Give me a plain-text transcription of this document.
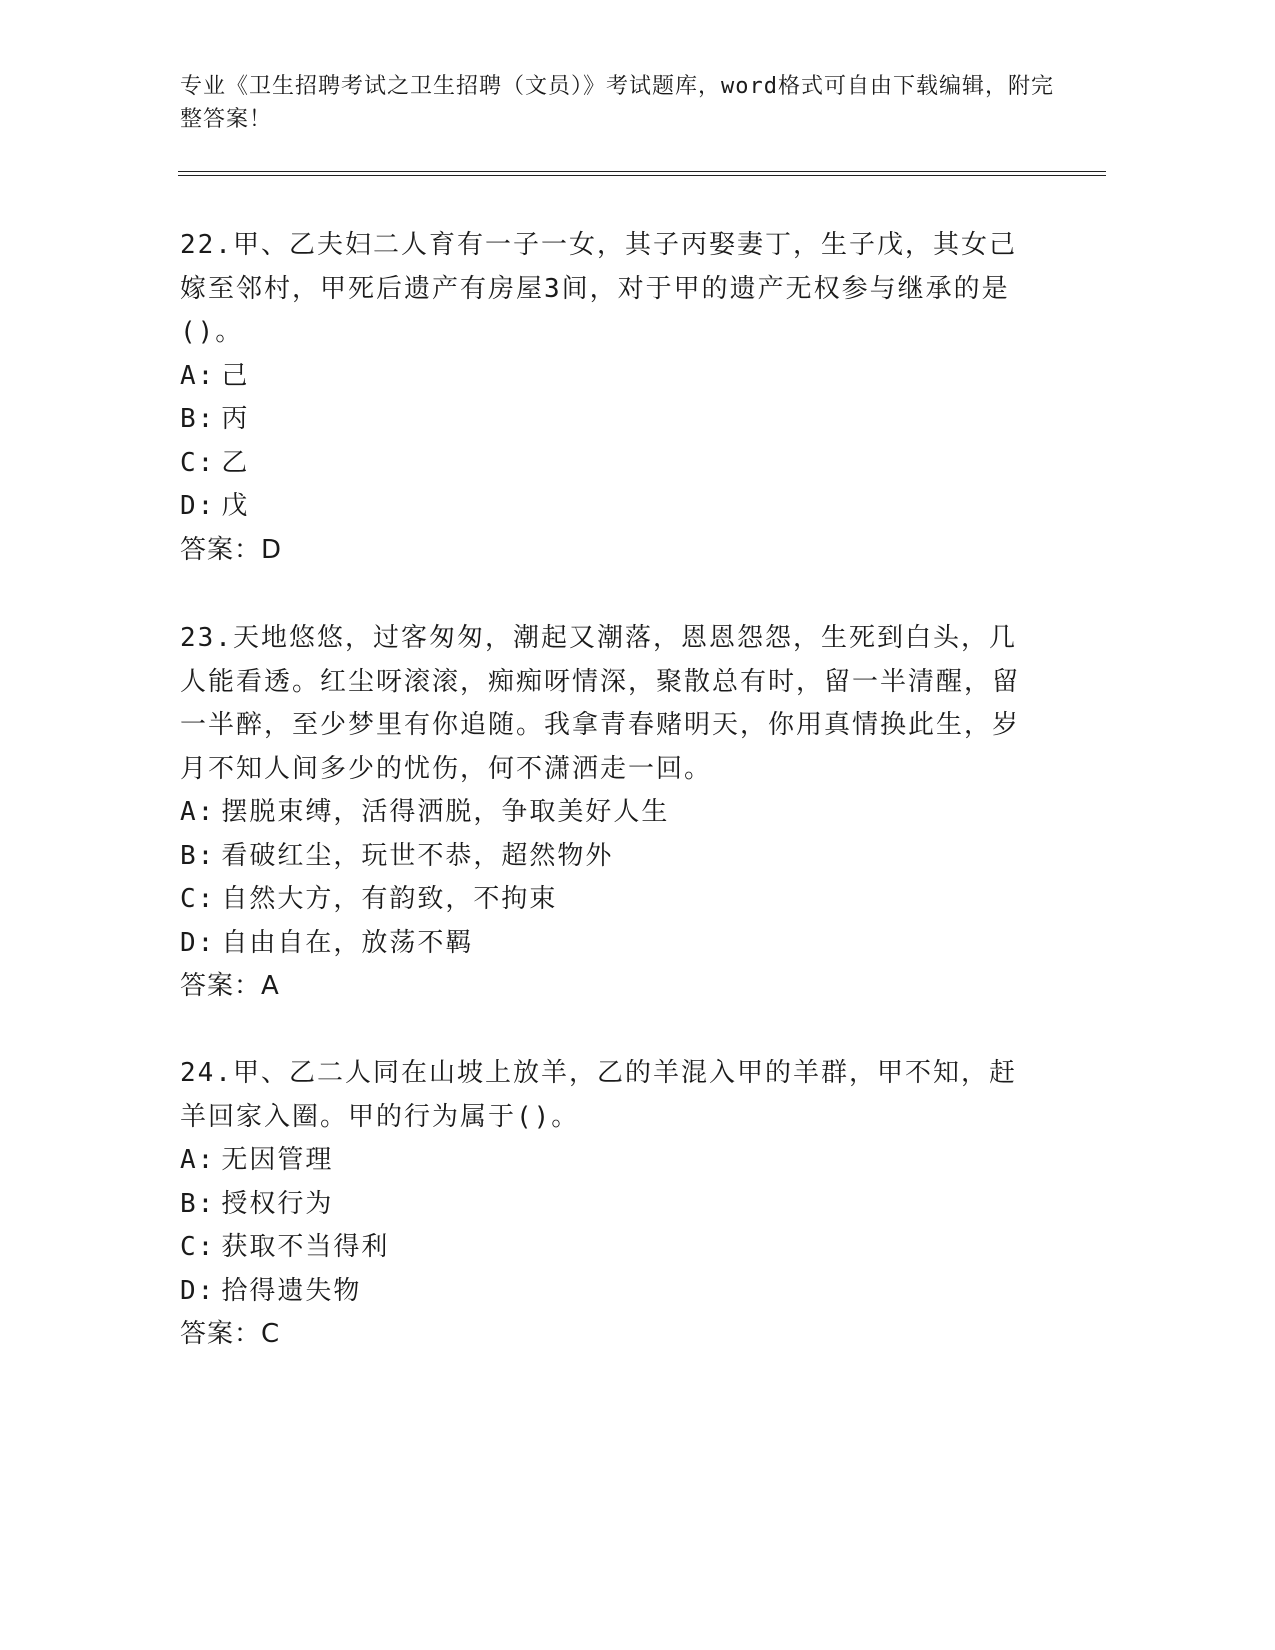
专业《卫生招聘考试之卫生招聘（文员）》考试题库，word格式可自由下载编辑，附完整答案！
22.甲、乙夫妇二人育有一子一女，其子丙娶妻丁，生子戊，其女己嫁至邻村，甲死后遗产有房屋3间，对于甲的遗产无权参与继承的是()。
A: 己
B: 丙
C: 乙
D: 戊
答案：D
23.天地悠悠，过客匆匆，潮起又潮落，恩恩怨怨，生死到白头，几人能看透。红尘呀滚滚，痴痴呀情深，聚散总有时，留一半清醒，留一半醉，至少梦里有你追随。我拿青春赌明天，你用真情换此生，岁月不知人间多少的忧伤，何不潇洒走一回。
A: 摆脱束缚，活得洒脱，争取美好人生
B: 看破红尘，玩世不恭，超然物外
C: 自然大方，有韵致，不拘束
D: 自由自在，放荡不羁
答案：A
24.甲、乙二人同在山坡上放羊，乙的羊混入甲的羊群，甲不知，赶羊回家入圈。甲的行为属于()。
A: 无因管理
B: 授权行为
C: 获取不当得利
D: 拾得遗失物
答案：C
